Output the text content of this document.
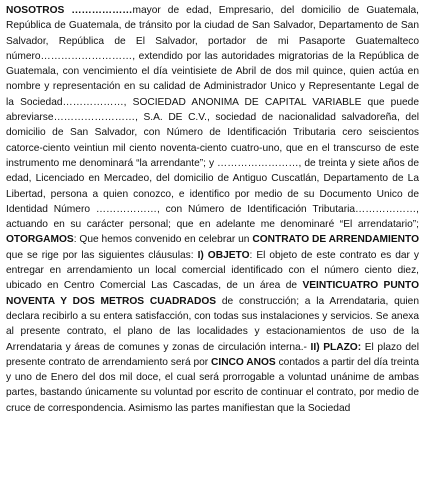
NOSOTROS ………………mayor de edad, Empresario, del domicilio de Guatemala, República de Guatemala, de tránsito por la ciudad de San Salvador, Departamento de San Salvador, República de El Salvador, portador de mi Pasaporte Guatemalteco número………………………, extendido por las autoridades migratorias de la República de Guatemala, con vencimiento el día veintisiete de Abril de dos mil quince, quien actúa en nombre y representación en su calidad de Administrador Unico y Representante Legal de la Sociedad………………, SOCIEDAD ANONIMA DE CAPITAL VARIABLE que puede abreviarse……………………, S.A. DE C.V., sociedad de nacionalidad salvadoreña, del domicilio de San Salvador, con Número de Identificación Tributaria cero seiscientos catorce-ciento veintiun mil ciento noventa-ciento cuatro-uno, que en el transcurso de este instrumento me denominará “la arrendante”; y ……………………, de treinta y siete años de edad, Licenciado en Mercadeo, del domicilio de Antiguo Cuscatlán, Departamento de La Libertad, persona a quien conozco, e identifico por medio de su Documento Unico de Identidad Número ………………, con Número de Identificación Tributaria………………, actuando en su carácter personal; que en adelante me denominaré “El arrendatario”; OTORGAMOS: Que hemos convenido en celebrar un CONTRATO DE ARRENDAMIENTO que se rige por las siguientes cláusulas: I) OBJETO: El objeto de este contrato es dar y entregar en arrendamiento un local comercial identificado con el número ciento diez, ubicado en Centro Comercial Las Cascadas, de un área de VEINTICUATRO PUNTO NOVENTA Y DOS METROS CUADRADOS de construcción; a la Arrendataria, quien declara recibirlo a su entera satisfacción, con todas sus instalaciones y servicios. Se anexa al presente contrato, el plano de las localidades y estacionamientos de uso de la Arrendataria y áreas de comunes y zonas de circulación interna.- II) PLAZO: El plazo del presente contrato de arrendamiento será por CINCO ANOS contados a partir del día treinta y uno de Enero del dos mil doce, el cual será prorrogable a voluntad unánime de ambas partes, bastando únicamente su voluntad por escrito de continuar el contrato, por medio de cruce de correspondencia. Asimismo las partes manifiestan que la Sociedad
